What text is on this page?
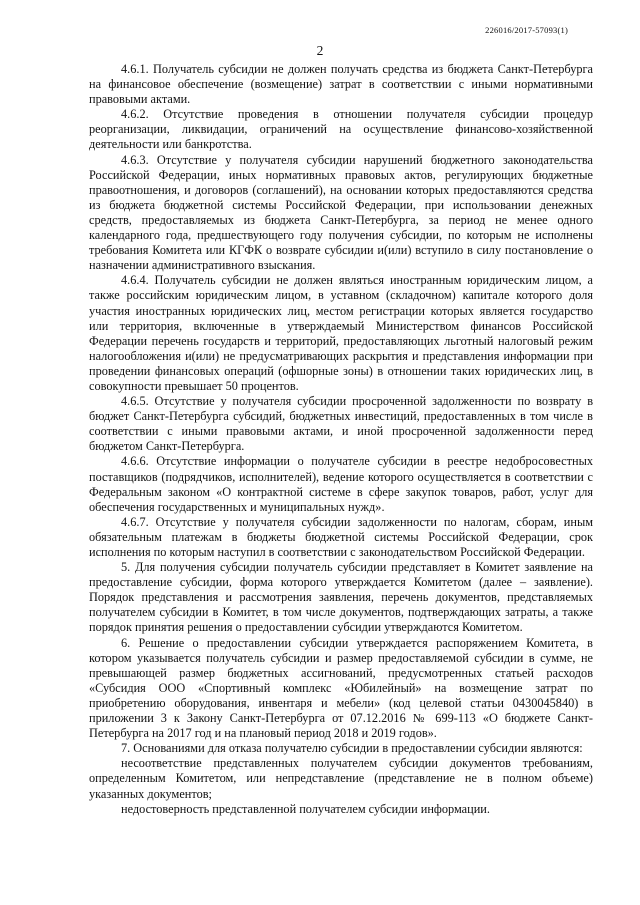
226016/2017-57093(1)
2

4.6.1. Получатель субсидии не должен получать средства из бюджета Санкт-Петербурга на финансовое обеспечение (возмещение) затрат в соответствии с иными нормативными правовыми актами.

4.6.2. Отсутствие проведения в отношении получателя субсидии процедур реорганизации, ликвидации, ограничений на осуществление финансово-хозяйственной деятельности или банкротства.

4.6.3. Отсутствие у получателя субсидии нарушений бюджетного законодательства Российской Федерации, иных нормативных правовых актов, регулирующих бюджетные правоотношения, и договоров (соглашений), на основании которых предоставляются средства из бюджета бюджетной системы Российской Федерации, при использовании денежных средств, предоставляемых из бюджета Санкт-Петербурга, за период не менее одного календарного года, предшествующего году получения субсидии, по которым не исполнены требования Комитета или КГФК о возврате субсидии и(или) вступило в силу постановление о назначении административного взыскания.

4.6.4. Получатель субсидии не должен являться иностранным юридическим лицом, а также российским юридическим лицом, в уставном (складочном) капитале которого доля участия иностранных юридических лиц, местом регистрации которых является государство или территория, включенные в утверждаемый Министерством финансов Российской Федерации перечень государств и территорий, предоставляющих льготный налоговый режим налогообложения и(или) не предусматривающих раскрытия и представления информации при проведении финансовых операций (офшорные зоны) в отношении таких юридических лиц, в совокупности превышает 50 процентов.

4.6.5. Отсутствие у получателя субсидии просроченной задолженности по возврату в бюджет Санкт-Петербурга субсидий, бюджетных инвестиций, предоставленных в том числе в соответствии с иными правовыми актами, и иной просроченной задолженности перед бюджетом Санкт-Петербурга.

4.6.6. Отсутствие информации о получателе субсидии в реестре недобросовестных поставщиков (подрядчиков, исполнителей), ведение которого осуществляется в соответствии с Федеральным законом «О контрактной системе в сфере закупок товаров, работ, услуг для обеспечения государственных и муниципальных нужд».

4.6.7. Отсутствие у получателя субсидии задолженности по налогам, сборам, иным обязательным платежам в бюджеты бюджетной системы Российской Федерации, срок исполнения по которым наступил в соответствии с законодательством Российской Федерации.

5. Для получения субсидии получатель субсидии представляет в Комитет заявление на предоставление субсидии, форма которого утверждается Комитетом (далее – заявление). Порядок представления и рассмотрения заявления, перечень документов, представляемых получателем субсидии в Комитет, в том числе документов, подтверждающих затраты, а также порядок принятия решения о предоставлении субсидии утверждаются Комитетом.

6. Решение о предоставлении субсидии утверждается распоряжением Комитета, в котором указывается получатель субсидии и размер предоставляемой субсидии в сумме, не превышающей размер бюджетных ассигнований, предусмотренных статьей расходов «Субсидия ООО «Спортивный комплекс «Юбилейный» на возмещение затрат по приобретению оборудования, инвентаря и мебели» (код целевой статьи 0430045840) в приложении 3 к Закону Санкт-Петербурга от 07.12.2016 № 699-113 «О бюджете Санкт-Петербурга на 2017 год и на плановый период 2018 и 2019 годов».

7. Основаниями для отказа получателю субсидии в предоставлении субсидии являются:

несоответствие представленных получателем субсидии документов требованиям, определенным Комитетом, или непредставление (представление не в полном объеме) указанных документов;

недостоверность представленной получателем субсидии информации.
